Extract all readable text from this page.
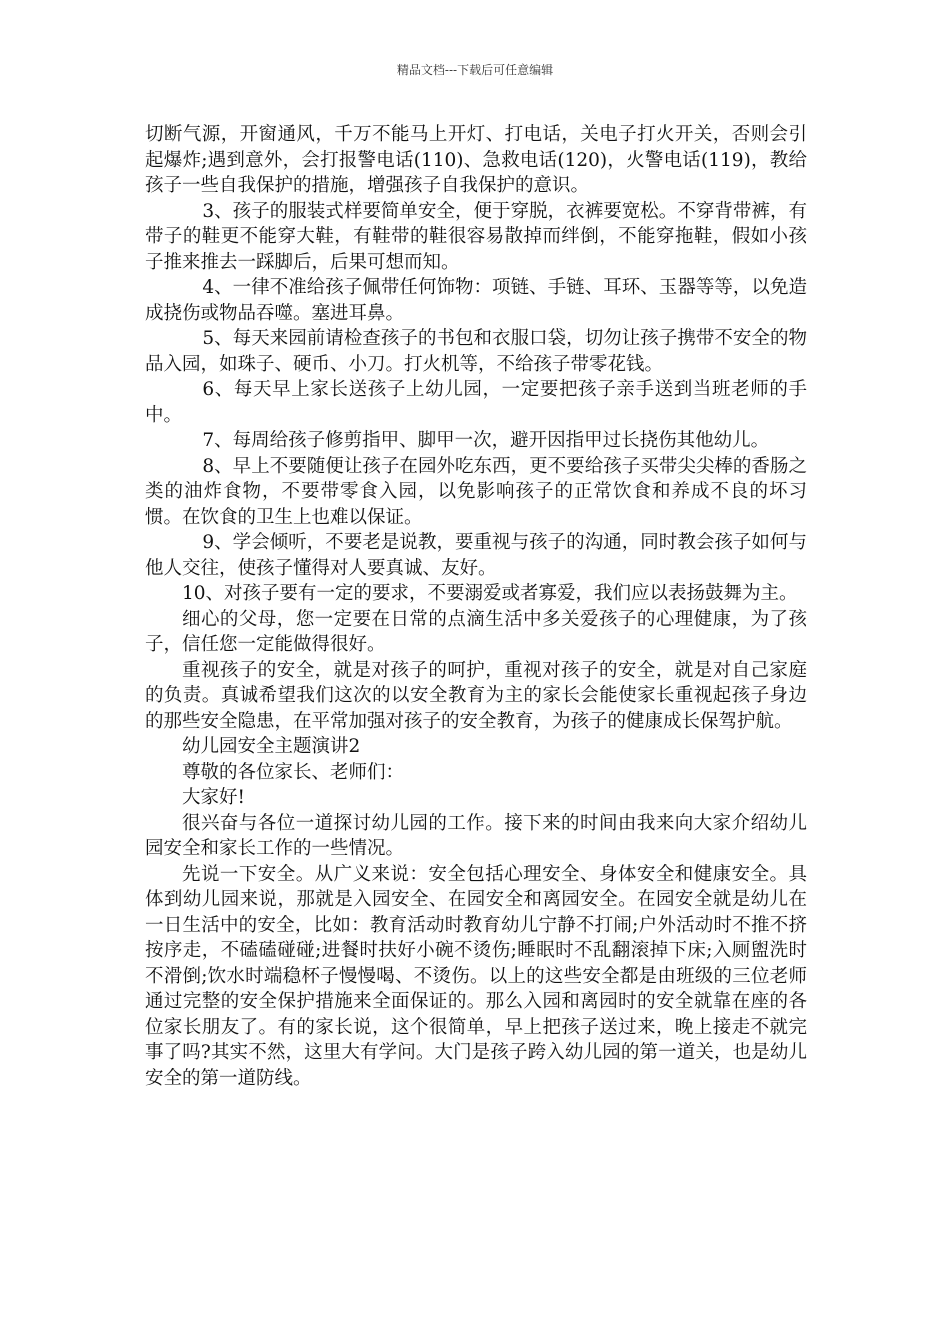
精品文档---下载后可任意编辑

切断气源，开窗通风，千万不能马上开灯、打电话，关电子打火开关，否则会引起爆炸;遇到意外，会打报警电话(110)、急救电话(120)，火警电话(119)，教给孩子一些自我保护的措施，增强孩子自我保护的意识。

3、孩子的服装式样要简单安全，便于穿脱，衣裤要宽松。不穿背带裤，有带子的鞋更不能穿大鞋，有鞋带的鞋很容易散掉而绊倒，不能穿拖鞋，假如小孩子推来推去一踩脚后，后果可想而知。

4、一律不准给孩子佩带任何饰物：项链、手链、耳环、玉器等等，以免造成挠伤或物品吞噬。塞进耳鼻。

5、每天来园前请检查孩子的书包和衣服口袋，切勿让孩子携带不安全的物品入园，如珠子、硬币、小刀。打火机等，不给孩子带零花钱。

6、每天早上家长送孩子上幼儿园，一定要把孩子亲手送到当班老师的手中。

7、每周给孩子修剪指甲、脚甲一次，避开因指甲过长挠伤其他幼儿。

8、早上不要随便让孩子在园外吃东西，更不要给孩子买带尖尖棒的香肠之类的油炸食物，不要带零食入园，以免影响孩子的正常饮食和养成不良的坏习惯。在饮食的卫生上也难以保证。

9、学会倾听，不要老是说教，要重视与孩子的沟通，同时教会孩子如何与他人交往，使孩子懂得对人要真诚、友好。

10、对孩子要有一定的要求，不要溺爱或者寡爱，我们应以表扬鼓舞为主。

细心的父母，您一定要在日常的点滴生活中多关爱孩子的心理健康，为了孩子，信任您一定能做得很好。

重视孩子的安全，就是对孩子的呵护，重视对孩子的安全，就是对自己家庭的负责。真诚希望我们这次的以安全教育为主的家长会能使家长重视起孩子身边的那些安全隐患，在平常加强对孩子的安全教育，为孩子的健康成长保驾护航。

幼儿园安全主题演讲2

尊敬的各位家长、老师们：

大家好!

很兴奋与各位一道探讨幼儿园的工作。接下来的时间由我来向大家介绍幼儿园安全和家长工作的一些情况。

先说一下安全。从广义来说：安全包括心理安全、身体安全和健康安全。具体到幼儿园来说，那就是入园安全、在园安全和离园安全。在园安全就是幼儿在一日生活中的安全，比如：教育活动时教育幼儿宁静不打闹;户外活动时不推不挤按序走，不磕磕碰碰;进餐时扶好小碗不烫伤;睡眠时不乱翻滚掉下床;入厕盥洗时不滑倒;饮水时端稳杯子慢慢喝、不烫伤。以上的这些安全都是由班级的三位老师通过完整的安全保护措施来全面保证的。那么入园和离园时的安全就靠在座的各位家长朋友了。有的家长说，这个很简单，早上把孩子送过来，晚上接走不就完事了吗?其实不然，这里大有学问。大门是孩子跨入幼儿园的第一道关，也是幼儿安全的第一道防线。
